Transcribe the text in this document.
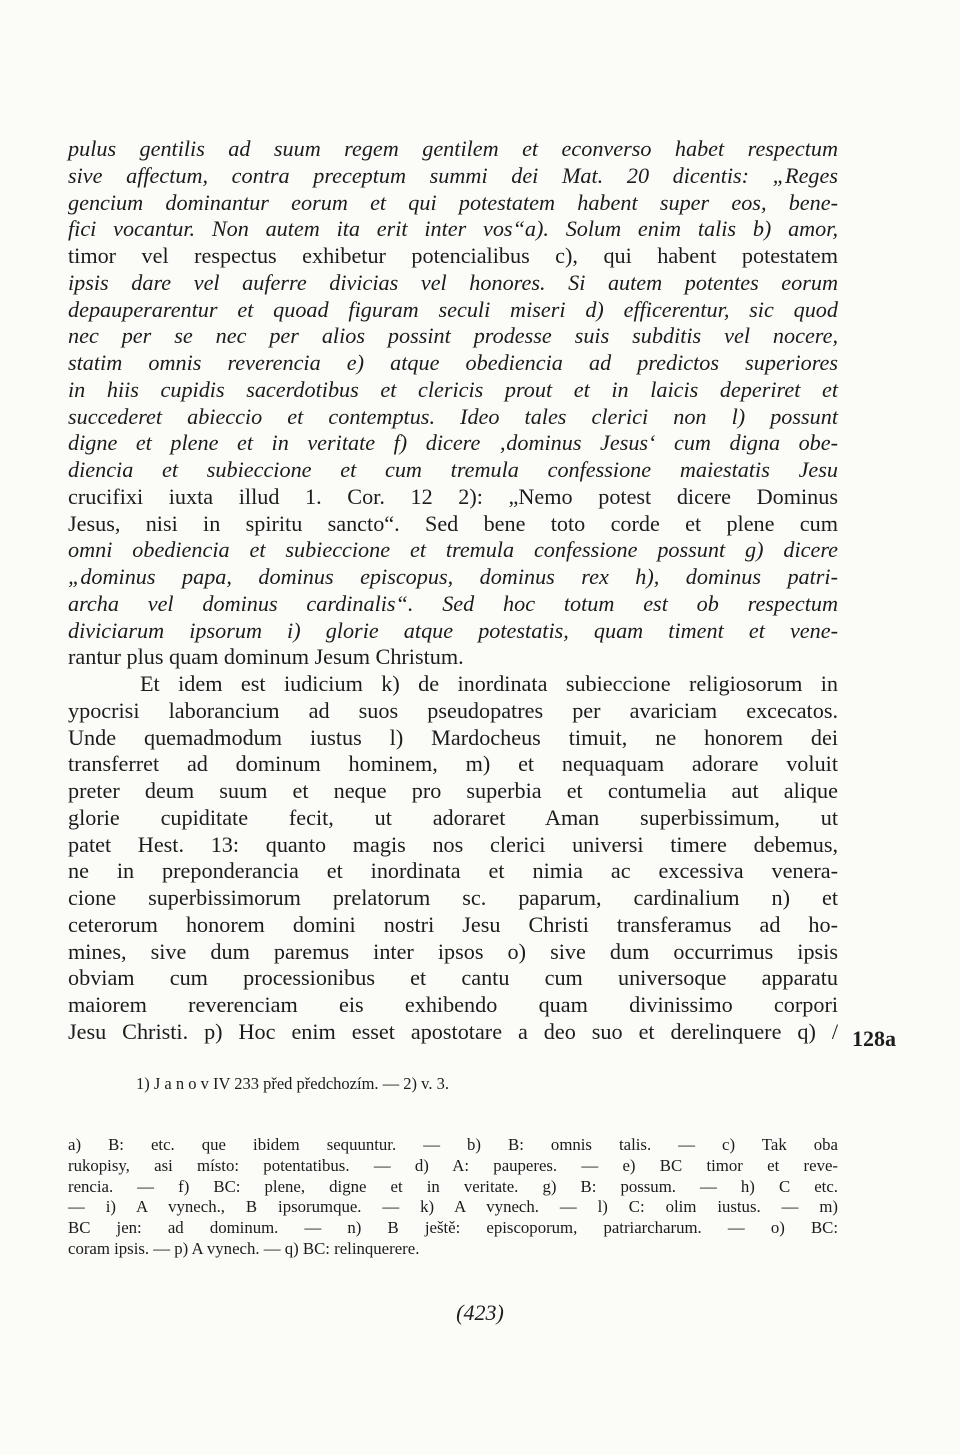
pulus gentilis ad suum regem gentilem et econverso habet respectum
sive affectum, contra preceptum summi dei Mat. 20 dicentis: „Reges
gencium dominantur eorum et qui potestatem habent super eos, bene-
fici vocantur. Non autem ita erit inter vos“a). Solum enim talis b) amor,
timor vel respectus exhibetur potencialibus c), qui habent potestatem
ipsis dare vel auferre divicias vel honores. Si autem potentes eorum
depauperarentur et quoad figuram seculi miseri d) efficerentur, sic quod
nec per se nec per alios possint prodesse suis subditis vel nocere,
statim omnis reverencia e) atque obediencia ad predictos superiores
in hiis cupidis sacerdotibus et clericis prout et in laicis deperiret et
succederet abieccio et contemptus. Ideo tales clerici non l) possunt
digne et plene et in veritate f) dicere ‚dominus Jesus‘ cum digna obe-
diencia et subieccione et cum tremula confessione maiestatis Jesu
crucifixi iuxta illud 1. Cor. 12 2): „Nemo potest dicere Dominus
Jesus, nisi in spiritu sancto“. Sed bene toto corde et plene cum
omni obediencia et subieccione et tremula confessione possunt g) dicere
„dominus papa, dominus episcopus, dominus rex h), dominus patri-
archa vel dominus cardinalis“. Sed hoc totum est ob respectum
diviciarum ipsorum i) glorie atque potestatis, quam timent et vene-
rantur plus quam dominum Jesum Christum.
Et idem est iudicium k) de inordinata subieccione religiosorum in
ypocrisi laborancium ad suos pseudopatres per avariciam excecatos.
Unde quemadmodum iustus l) Mardocheus timuit, ne honorem dei
transferret ad dominum hominem, m) et nequaquam adorare voluit
preter deum suum et neque pro superbia et contumelia aut alique
glorie cupiditate fecit, ut adoraret Aman superbissimum, ut
patet Hest. 13: quanto magis nos clerici universi timere debemus,
ne in preponderancia et inordinata et nimia ac excessiva venera-
cione superbissimorum prelatorum sc. paparum, cardinalium n) et
ceterorum honorem domini nostri Jesu Christi transferamus ad ho-
mines, sive dum paremus inter ipsos o) sive dum occurrimus ipsis
obviam cum processionibus et cantu cum universoque apparatu
maiorem reverenciam eis exhibendo quam divinissimo corpori
Jesu Christi. p) Hoc enim esset apostotare a deo suo et derelinquere q) / 128a
1) J a n o v IV 233 před předchozím. — 2) v. 3.
a) B: etc. que ibidem sequuntur. — b) B: omnis talis. — c) Tak oba
rukopisy, asi místo: potentatibus. — d) A: pauperes. — e) BC timor et reve-
rencia. — f) BC: plene, digne et in veritate. g) B: possum. — h) C etc.
— i) A vynech., B ipsorumque. — k) A vynech. — l) C: olim iustus. — m)
BC jen: ad dominum. — n) B ještě: episcoporum, patriarcharum. — o) BC:
coram ipsis. — p) A vynech. — q) BC: relinquerere.
(423)
